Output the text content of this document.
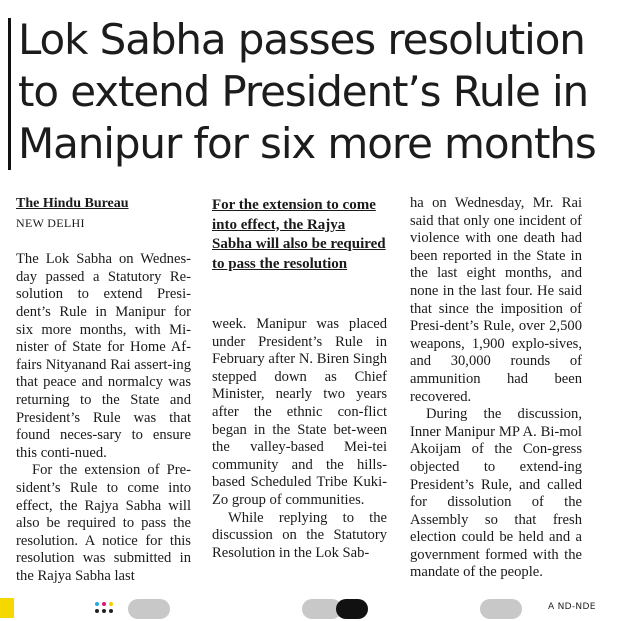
Lok Sabha passes resolution
to extend President’s Rule in
Manipur for six more months
The Hindu Bureau
NEW DELHI

The Lok Sabha on Wednes-day passed a Statutory Re-solution to extend Presi-dent’s Rule in Manipur for six more months, with Mi-nister of State for Home Af-fairs Nityanand Rai assert-ing that peace and normalcy was returning to the State and President’s Rule was that found neces-sary to ensure this conti-nued.

For the extension of Pre-sident’s Rule to come into effect, the Rajya Sabha will also be required to pass the resolution. A notice for this resolution was submitted in the Rajya Sabha last

For the extension to come into effect, the Rajya Sabha will also be required to pass the resolution

week. Manipur was placed under President’s Rule in February after N. Biren Singh stepped down as Chief Minister, nearly two years after the ethnic con-flict began in the State bet-ween the valley-based Mei-tei community and the hills-based Scheduled Tribe Kuki-Zo group of communities.

While replying to the discussion on the Statutory Resolution in the Lok Sab-

ha on Wednesday, Mr. Rai said that only one incident of violence with one death had been reported in the State in the last eight months, and none in the last four. He said that since the imposition of Presi-dent’s Rule, over 2,500 weapons, 1,900 explo-sives, and 30,000 rounds of ammunition had been recovered.

During the discussion, Inner Manipur MP A. Bi-mol Akoijam of the Con-gress objected to extend-ing President’s Rule, and called for dissolution of the Assembly so that fresh election could be held and a government formed with the mandate of the people.

A ND-NDE
